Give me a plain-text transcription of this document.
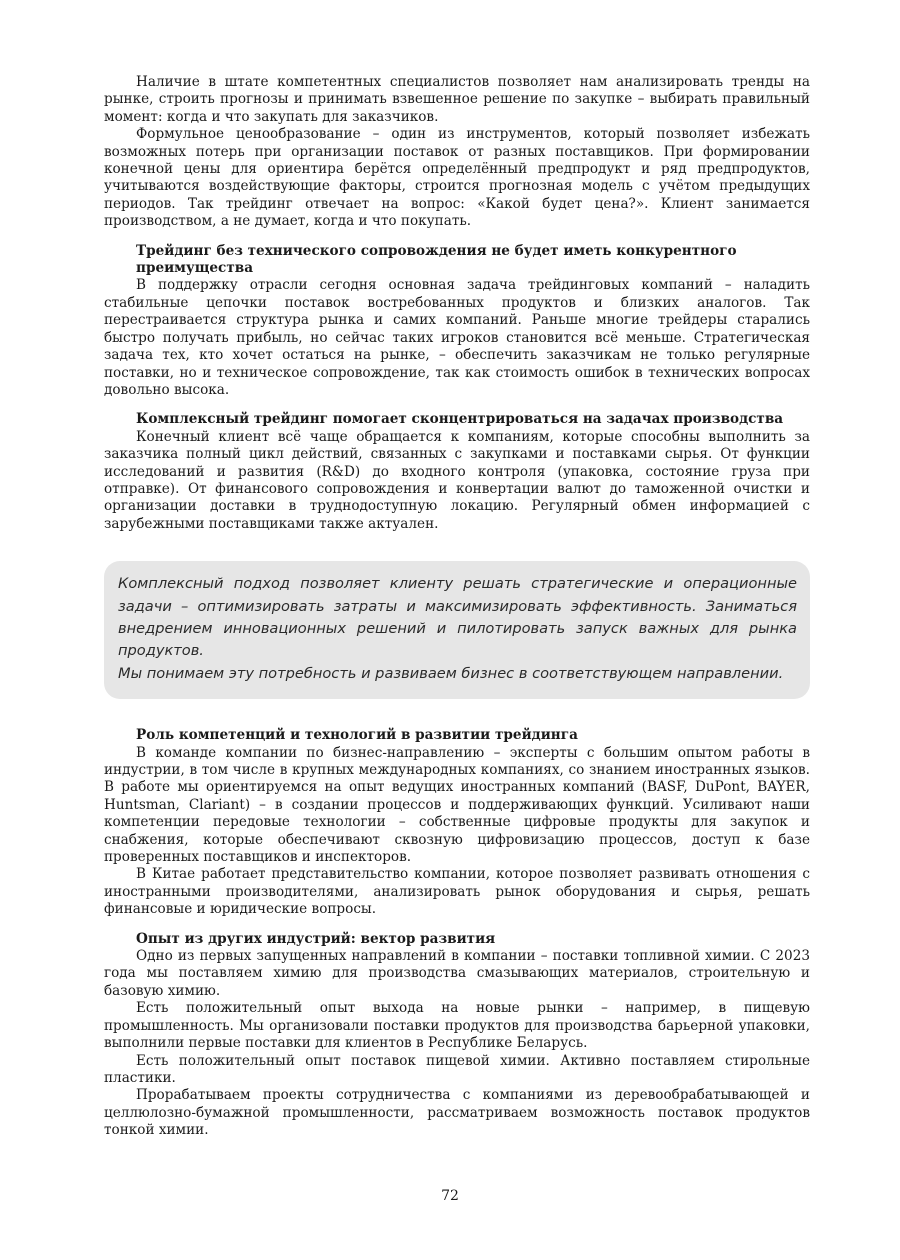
Наличие в штате компетентных специалистов позволяет нам анализировать тренды на рынке, строить прогнозы и принимать взвешенное решение по закупке – выбирать правильный момент: когда и что закупать для заказчиков.

Формульное ценообразование – один из инструментов, который позволяет избежать возможных потерь при организации поставок от разных поставщиков. При формировании конечной цены для ориентира берётся определённый предпродукт и ряд предпродуктов, учитываются воздействующие факторы, строится прогнозная модель с учётом предыдущих периодов. Так трейдинг отвечает на вопрос: «Какой будет цена?». Клиент занимается производством, а не думает, когда и что покупать.

Трейдинг без технического сопровождения не будет иметь конкурентного преимущества

В поддержку отрасли сегодня основная задача трейдинговых компаний – наладить стабильные цепочки поставок востребованных продуктов и близких аналогов. Так перестраивается структура рынка и самих компаний. Раньше многие трейдеры старались быстро получать прибыль, но сейчас таких игроков становится всё меньше. Стратегическая задача тех, кто хочет остаться на рынке, – обеспечить заказчикам не только регулярные поставки, но и техническое сопровождение, так как стоимость ошибок в технических вопросах довольно высока.

Комплексный трейдинг помогает сконцентрироваться на задачах производства

Конечный клиент всё чаще обращается к компаниям, которые способны выполнить за заказчика полный цикл действий, связанных с закупками и поставками сырья. От функции исследований и развития (R&D) до входного контроля (упаковка, состояние груза при отправке). От финансового сопровождения и конвертации валют до таможенной очистки и организации доставки в труднодоступную локацию. Регулярный обмен информацией с зарубежными поставщиками также актуален.

Комплексный подход позволяет клиенту решать стратегические и операционные задачи – оптимизировать затраты и максимизировать эффективность. Заниматься внедрением инновационных решений и пилотировать запуск важных для рынка продуктов.

Мы понимаем эту потребность и развиваем бизнес в соответствующем направлении.

Роль компетенций и технологий в развитии трейдинга

В команде компании по бизнес-направлению – эксперты с большим опытом работы в индустрии, в том числе в крупных международных компаниях, со знанием иностранных языков. В работе мы ориентируемся на опыт ведущих иностранных компаний (BASF, DuPont, BAYER, Huntsman, Clariant) – в создании процессов и поддерживающих функций. Усиливают наши компетенции передовые технологии – собственные цифровые продукты для закупок и снабжения, которые обеспечивают сквозную цифровизацию процессов, доступ к базе проверенных поставщиков и инспекторов.

В Китае работает представительство компании, которое позволяет развивать отношения с иностранными производителями, анализировать рынок оборудования и сырья, решать финансовые и юридические вопросы.

Опыт из других индустрий: вектор развития

Одно из первых запущенных направлений в компании – поставки топливной химии. С 2023 года мы поставляем химию для производства смазывающих материалов, строительную и базовую химию.

Есть положительный опыт выхода на новые рынки – например, в пищевую промышленность. Мы организовали поставки продуктов для производства барьерной упаковки, выполнили первые поставки для клиентов в Республике Беларусь.

Есть положительный опыт поставок пищевой химии. Активно поставляем стирольные пластики.

Прорабатываем проекты сотрудничества с компаниями из деревообрабатывающей и целлюлозно-бумажной промышленности, рассматриваем возможность поставок продуктов тонкой химии.

72
